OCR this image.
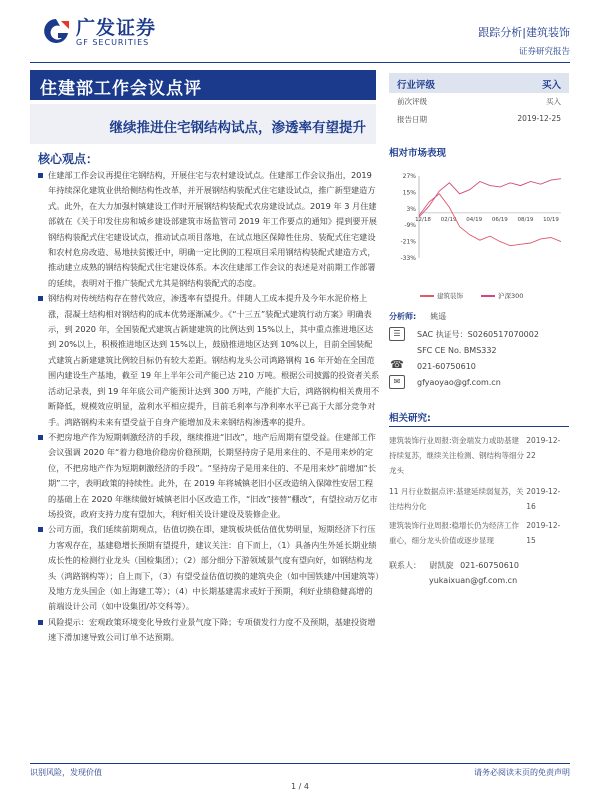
广发证券
GF SECURITIES
跟踪分析|建筑装饰
证券研究报告
住建部工作会议点评
继续推进住宅钢结构试点，渗透率有望提升
核心观点：

住建部工作会议再提住宅钢结构，开展住宅与农村建设试点。住建部工作会议指出，2019 年持续深化建筑业供给侧结构性改革，并开展钢结构装配式住宅建设试点，推广新型建造方式。此外，在大力加强村镇建设工作时开展钢结构装配式农房建设试点。2019 年 3 月住建部就在《关于印发住房和城乡建设部建筑市场监管司 2019 年工作要点的通知》提到要开展钢结构装配式住宅建设试点，推动试点项目落地，在试点地区保障性住房、装配式住宅建设和农村危房改造、易地扶贫搬迁中，明确一定比例的工程项目采用钢结构装配式建造方式，推动建立成熟的钢结构装配式住宅建设体系。本次住建部工作会议的表述是对前期工作部署的延续，表明对于推广装配式尤其是钢结构装配式的态度。

钢结构对传统结构存在替代效应，渗透率有望提升。伴随人工成本提升及今年水泥价格上涨，混凝土结构相对钢结构的成本优势逐渐减少。《“十三五”装配式建筑行动方案》明确表示，到 2020 年，全国装配式建筑占新建建筑的比例达到 15%以上，其中重点推进地区达到 20%以上，积极推进地区达到 15%以上，鼓励推进地区达到 10%以上，目前全国装配式建筑占新建建筑比例较目标仍有较大差距。钢结构龙头公司鸿路钢构 16 年开始在全国范围内建设生产基地，截至 19 年上半年公司产能已达 210 万吨。根据公司披露的投资者关系活动记录表，到 19 年年底公司产能预计达到 300 万吨，产能扩大后，鸿路钢构相关费用不断降低，规模效应明显，盈利水平相应提升，目前毛利率与净利率水平已高于大部分竞争对手。鸿路钢构未来有望受益于自身产能增加及未来钢结构渗透率的提升。

不把房地产作为短期刺激经济的手段，继续推进“旧改”，地产后周期有望受益。住建部工作会议强调 2020 年“着力稳地价稳房价稳预期，长期坚持房子是用来住的、不是用来炒的定位，不把房地产作为短期刺激经济的手段”。“坚持房子是用来住的、不是用来炒”前增加“长期”二字，表明政策的持续性。此外，在 2019 年将城镇老旧小区改造纳入保障性安居工程的基础上在 2020 年继续做好城镇老旧小区改造工作，“旧改”接替“棚改”，有望拉动万亿市场投资，政府支持力度有望加大，利好相关设计建设及装修企业。

公司方面，我们延续前期观点，估值切换在即，建筑板块低估值优势明显，短期经济下行压力客观存在，基建稳增长预期有望提升，建议关注：自下而上，（1）具备内生外延长期业绩成长性的检测行业龙头（国检集团）；（2）部分细分下游领域景气度有望向好，如钢结构龙头（鸿路钢构等）；自上而下，（3）有望受益估值切换的建筑央企（如中国铁建/中国建筑等）及地方龙头国企（如上海建工等）；（4）中长期基建需求或好于预期，利好业绩稳健高增的前端设计公司（如中设集团/苏交科等）。

风险提示：宏观政策环境变化导致行业景气度下降；专项债发行力度不及预期，基建投资增速下滑加速导致公司订单不达预期。

行业评级	买入
前次评级	买入
报告日期	2019-12-25
相对市场表现
27%
15%
3%
-9%
-21%
-33%
12/18 02/19 04/19 06/19 08/19 10/19
建筑装饰	沪深300
分析师: 姚遥
☰	SAC 执证号：S0260517070002
SFC CE No. BMS332
☎ 021-60750610
✉	gfyaoyao@gf.com.cn
相关研究:
建筑装饰行业周报:资金端发力或助基建持续复苏，继续关注检测、钢结构等细分龙头
2019-12-22
11 月行业数据点评:基建延续弱复苏，关注结构分化
2019-12-16
建筑装饰行业周报:稳增长仍为经济工作重心，细分龙头价值或逐步显现
2019-12-15
联系人： 尉凯旋 021-60750610
yukaixuan@gf.com.cn
识别风险，发现价值	请务必阅读末页的免责声明
1 / 4
